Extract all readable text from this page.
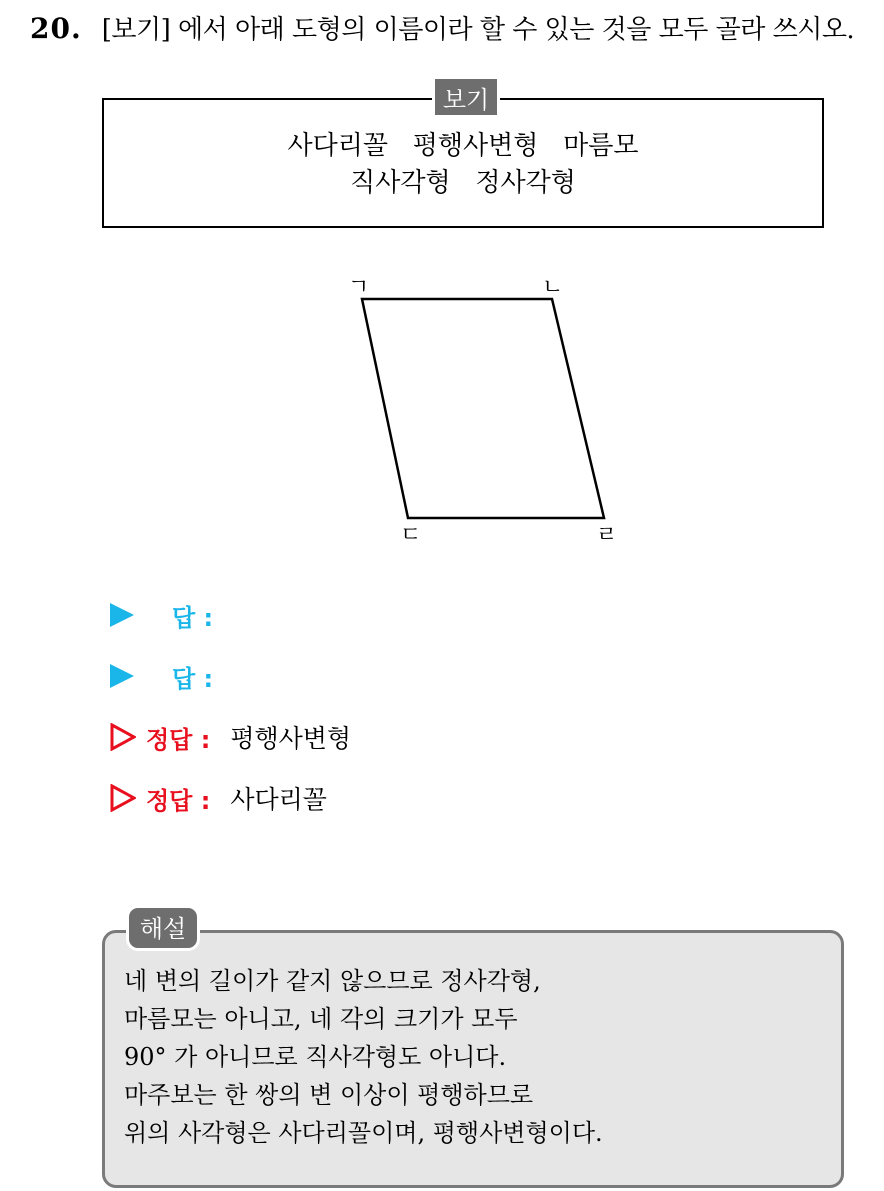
20. [보기] 에서 아래 도형의 이름이라 할 수 있는 것을 모두 골라 쓰시오.
보기
사다리꼴   평행사변형   마름모
직사각형   정사각형
ㄱ	ㄴ
ㄷ	ㄹ
답 :
답 :
정답 : 평행사변형
정답 : 사다리꼴
해설
네 변의 길이가 같지 않으므로 정사각형,
마름모는 아니고, 네 각의 크기가 모두
90° 가 아니므로 직사각형도 아니다.
마주보는 한 쌍의 변 이상이 평행하므로
위의 사각형은 사다리꼴이며, 평행사변형이다.
